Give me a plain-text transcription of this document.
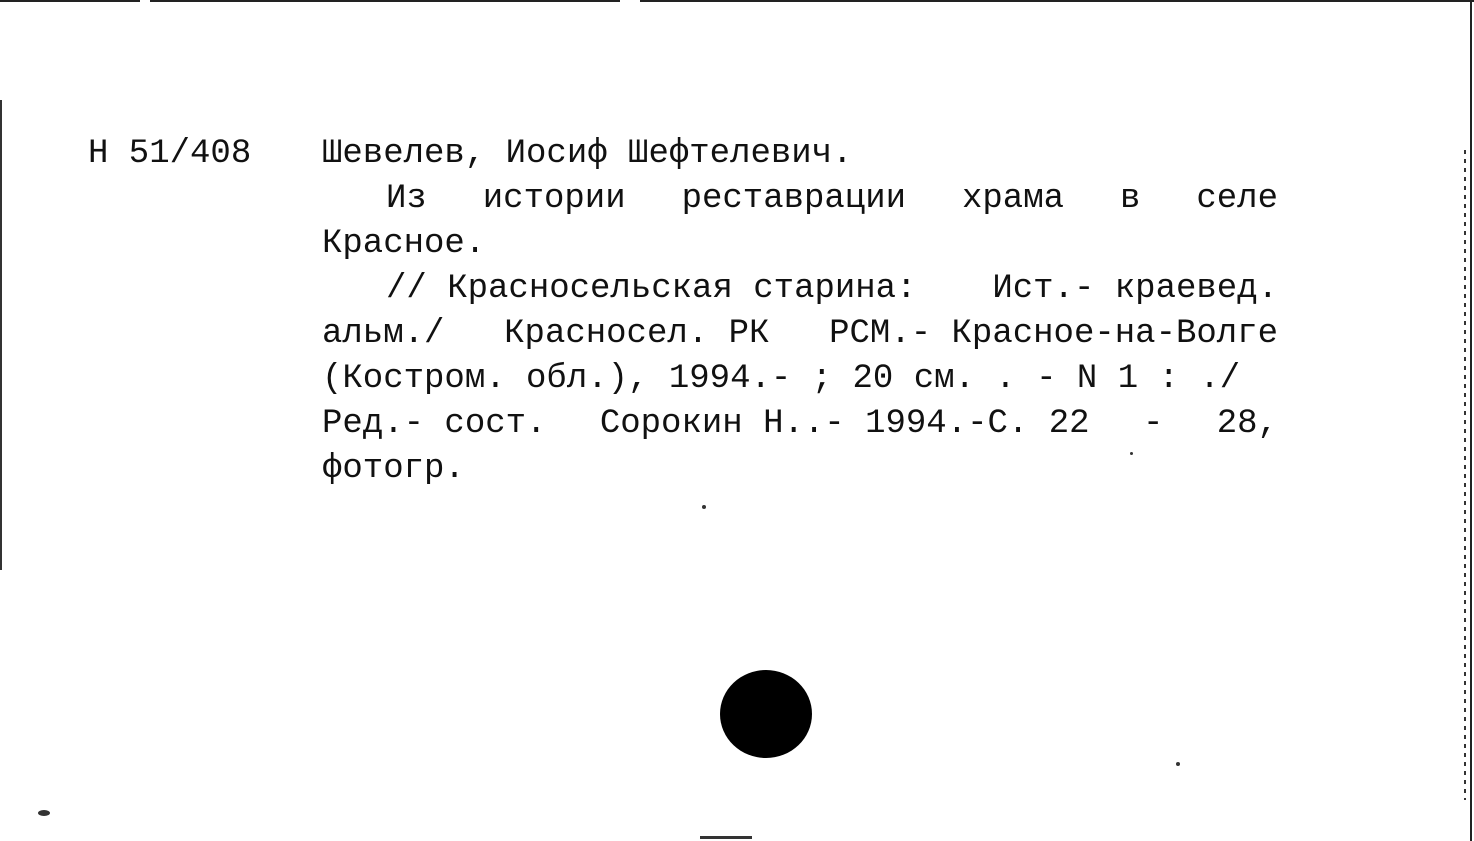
Н 51/408 Шевелев, Иосиф Шефтелевич.
Из истории реставрации храма в селе
Красное.
// Красносельская старина: Ист.- краевед.
альм./ Красносел. РК РСМ.- Красное-на-Волге
(Костром. обл.), 1994.- ; 20 см. . - N 1 : ./
Ред.- сост. Сорокин Н..- 1994.-С. 22 - 28,
фотогр.
